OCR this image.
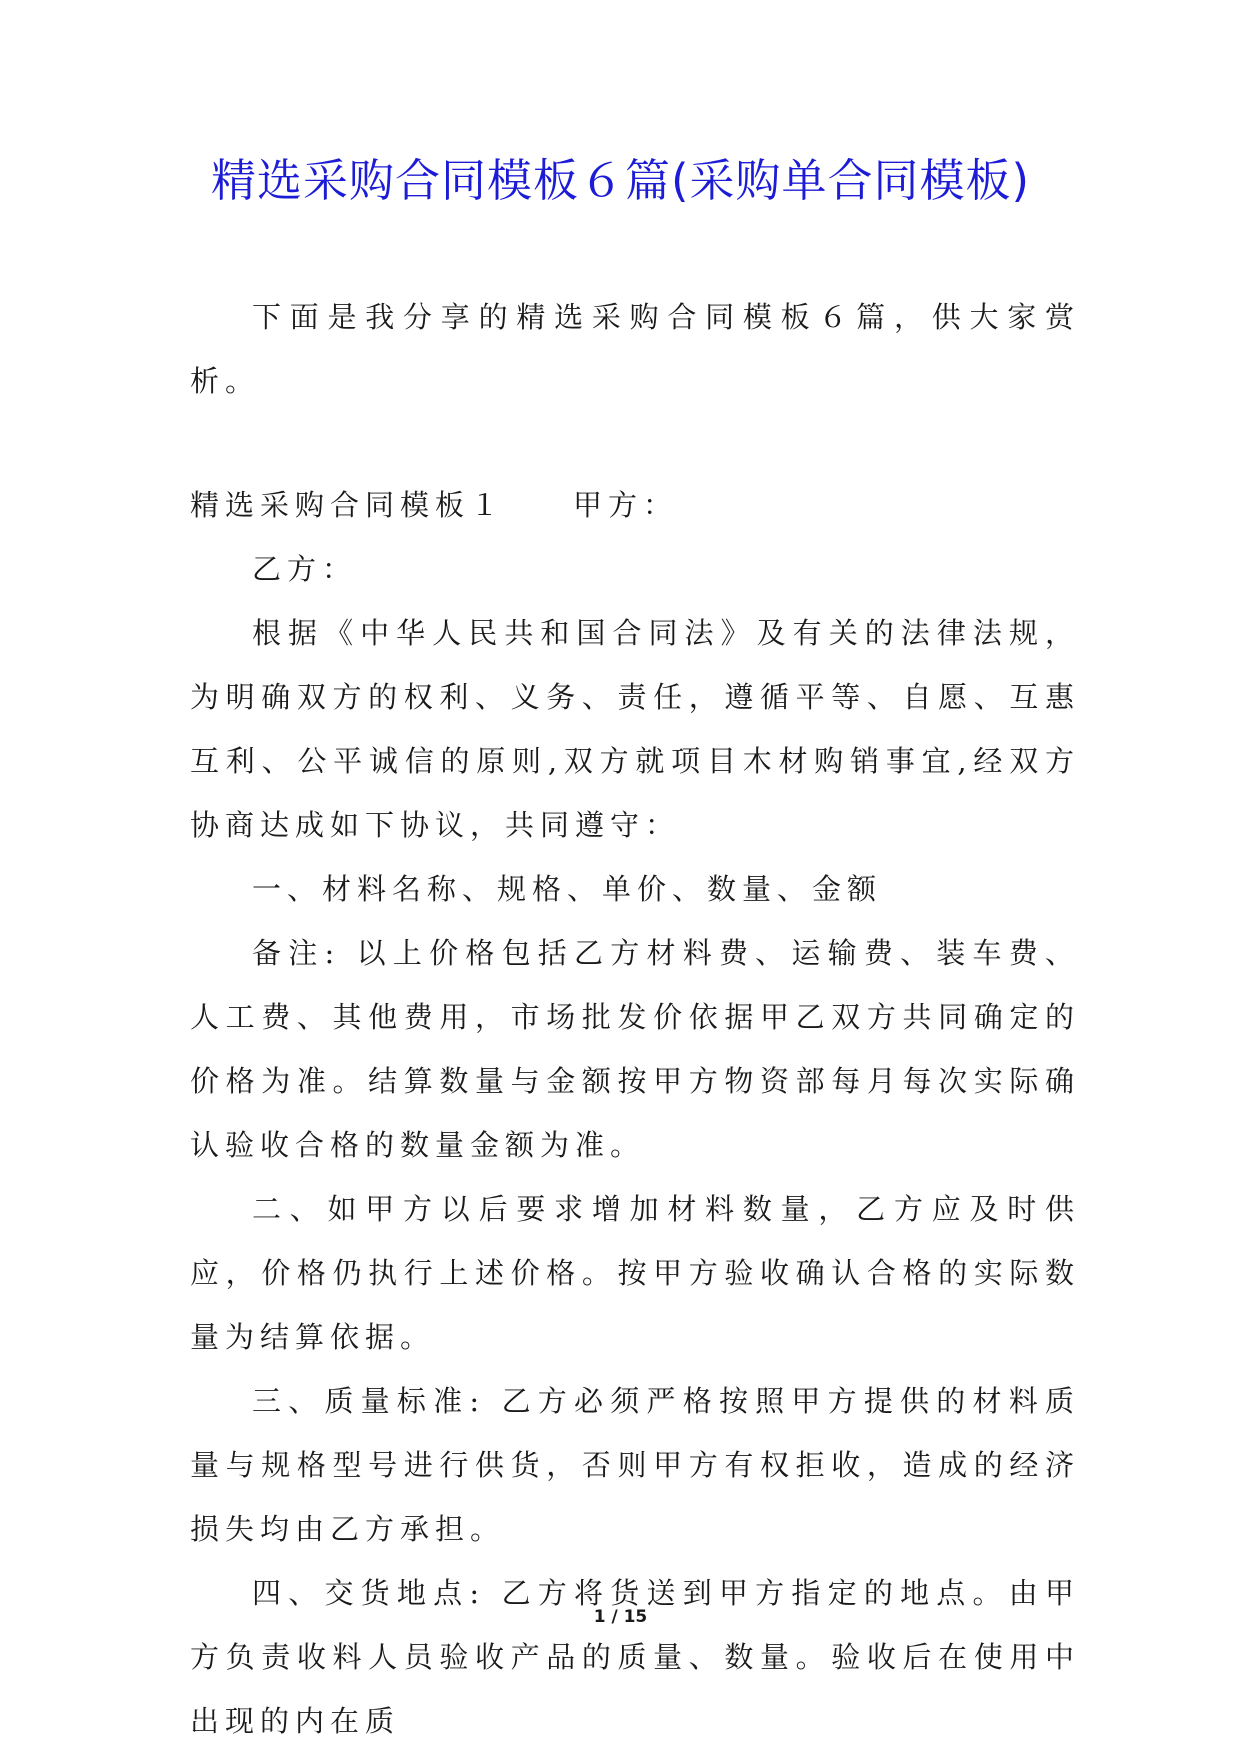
精选采购合同模板６篇(采购单合同模板)

下面是我分享的精选采购合同模板６篇，供大家赏析。

精选采购合同模板１ 甲方：

乙方：

根据《中华人民共和国合同法》及有关的法律法规，为明确双方的权利、义务、责任，遵循平等、自愿、互惠互利、公平诚信的原则,双方就项目木材购销事宜,经双方协商达成如下协议，共同遵守：

一、材料名称、规格、单价、数量、金额

备注: 以上价格包括乙方材料费、运输费、装车费、人工费、其他费用，市场批发价依据甲乙双方共同确定的价格为准。结算数量与金额按甲方物资部每月每次实际确认验收合格的数量金额为准。

二、如甲方以后要求增加材料数量，乙方应及时供应，价格仍执行上述价格。按甲方验收确认合格的实际数量为结算依据。

三、质量标准: 乙方必须严格按照甲方提供的材料质量与规格型号进行供货，否则甲方有权拒收，造成的经济损失均由乙方承担。

四、交货地点: 乙方将货送到甲方指定的地点。由甲方负责收料人员验收产品的质量、数量。验收后在使用中出现的内在质

1 / 15
